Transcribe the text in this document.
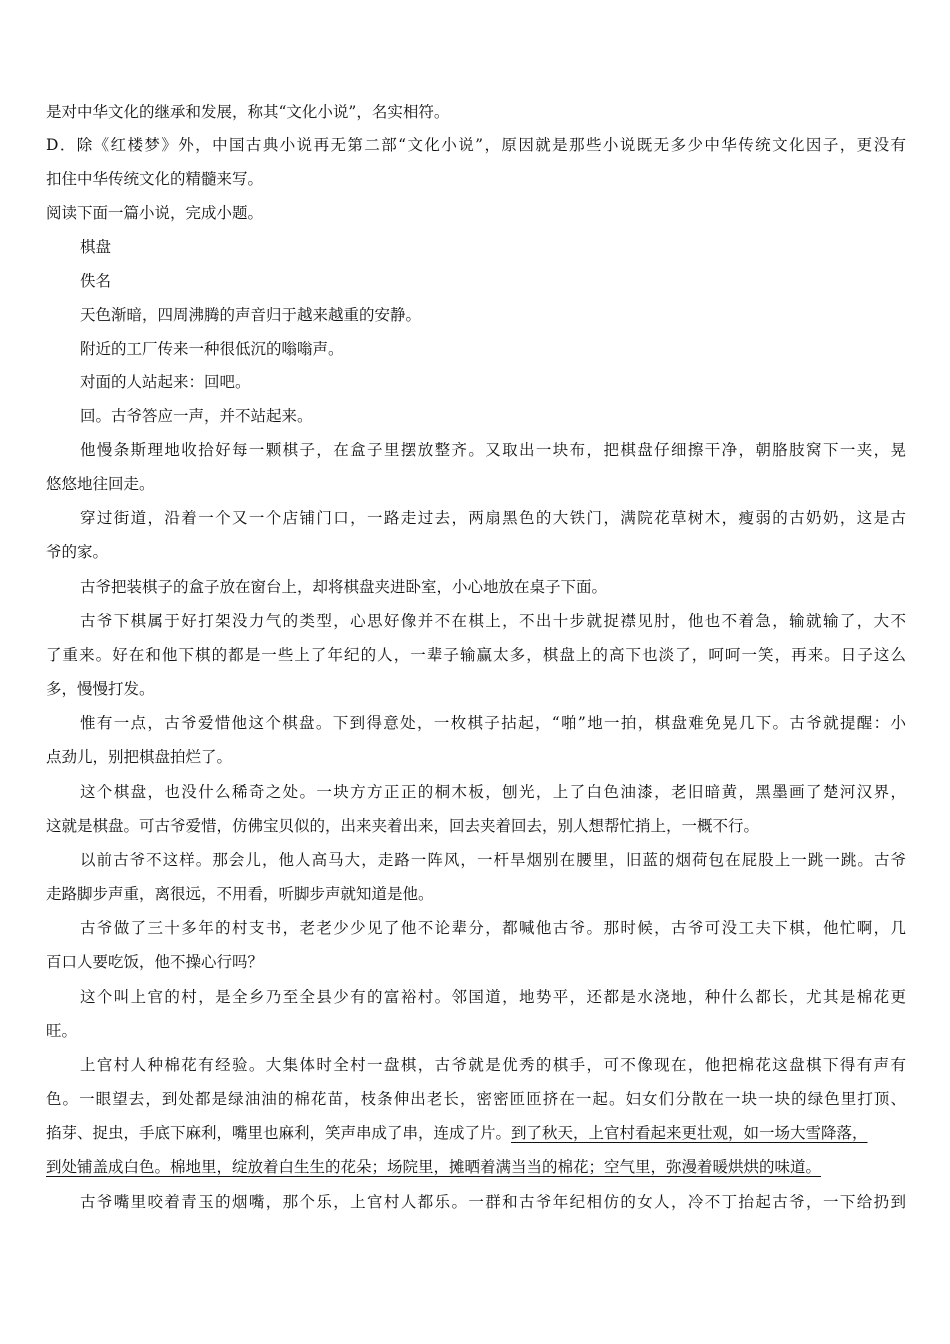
是对中华文化的继承和发展，称其“文化小说”，名实相符。
D．除《红楼梦》外，中国古典小说再无第二部“文化小说”，原因就是那些小说既无多少中华传统文化因子，更没有
扣住中华传统文化的精髓来写。
阅读下面一篇小说，完成小题。
棋盘
佚名
天色渐暗，四周沸腾的声音归于越来越重的安静。
附近的工厂传来一种很低沉的嗡嗡声。
对面的人站起来：回吧。
回。古爷答应一声，并不站起来。
他慢条斯理地收拾好每一颗棋子，在盒子里摆放整齐。又取出一块布，把棋盘仔细擦干净，朝胳肢窝下一夹，晃
悠悠地往回走。
穿过街道，沿着一个又一个店铺门口，一路走过去，两扇黑色的大铁门，满院花草树木，瘦弱的古奶奶，这是古
爷的家。
古爷把装棋子的盒子放在窗台上，却将棋盘夹进卧室，小心地放在桌子下面。
古爷下棋属于好打架没力气的类型，心思好像并不在棋上，不出十步就捉襟见肘，他也不着急，输就输了，大不
了重来。好在和他下棋的都是一些上了年纪的人，一辈子输赢太多，棋盘上的高下也淡了，呵呵一笑，再来。日子这么
多，慢慢打发。
惟有一点，古爷爱惜他这个棋盘。下到得意处，一枚棋子拈起，“啪”地一拍，棋盘难免晃几下。古爷就提醒：小
点劲儿，别把棋盘拍烂了。
这个棋盘，也没什么稀奇之处。一块方方正正的桐木板，刨光，上了白色油漆，老旧暗黄，黑墨画了楚河汉界，
这就是棋盘。可古爷爱惜，仿佛宝贝似的，出来夹着出来，回去夹着回去，别人想帮忙捎上，一概不行。
以前古爷不这样。那会儿，他人高马大，走路一阵风，一杆旱烟别在腰里，旧蓝的烟荷包在屁股上一跳一跳。古爷
走路脚步声重，离很远，不用看，听脚步声就知道是他。
古爷做了三十多年的村支书，老老少少见了他不论辈分，都喊他古爷。那时候，古爷可没工夫下棋，他忙啊，几
百口人要吃饭，他不操心行吗？
这个叫上官的村，是全乡乃至全县少有的富裕村。邻国道，地势平，还都是水浇地，种什么都长，尤其是棉花更
旺。
上官村人种棉花有经验。大集体时全村一盘棋，古爷就是优秀的棋手，可不像现在，他把棉花这盘棋下得有声有
色。一眼望去，到处都是绿油油的棉花苗，枝条伸出老长，密密匝匝挤在一起。妇女们分散在一块一块的绿色里打顶、
掐芽、捉虫，手底下麻利，嘴里也麻利，笑声串成了串，连成了片。到了秋天，上官村看起来更壮观，如一场大雪降落，
到处铺盖成白色。棉地里，绽放着白生生的花朵；场院里，摊晒着满当当的棉花；空气里，弥漫着暖烘烘的味道。
古爷嘴里咬着青玉的烟嘴，那个乐，上官村人都乐。一群和古爷年纪相仿的女人，冷不丁抬起古爷，一下给扔到
